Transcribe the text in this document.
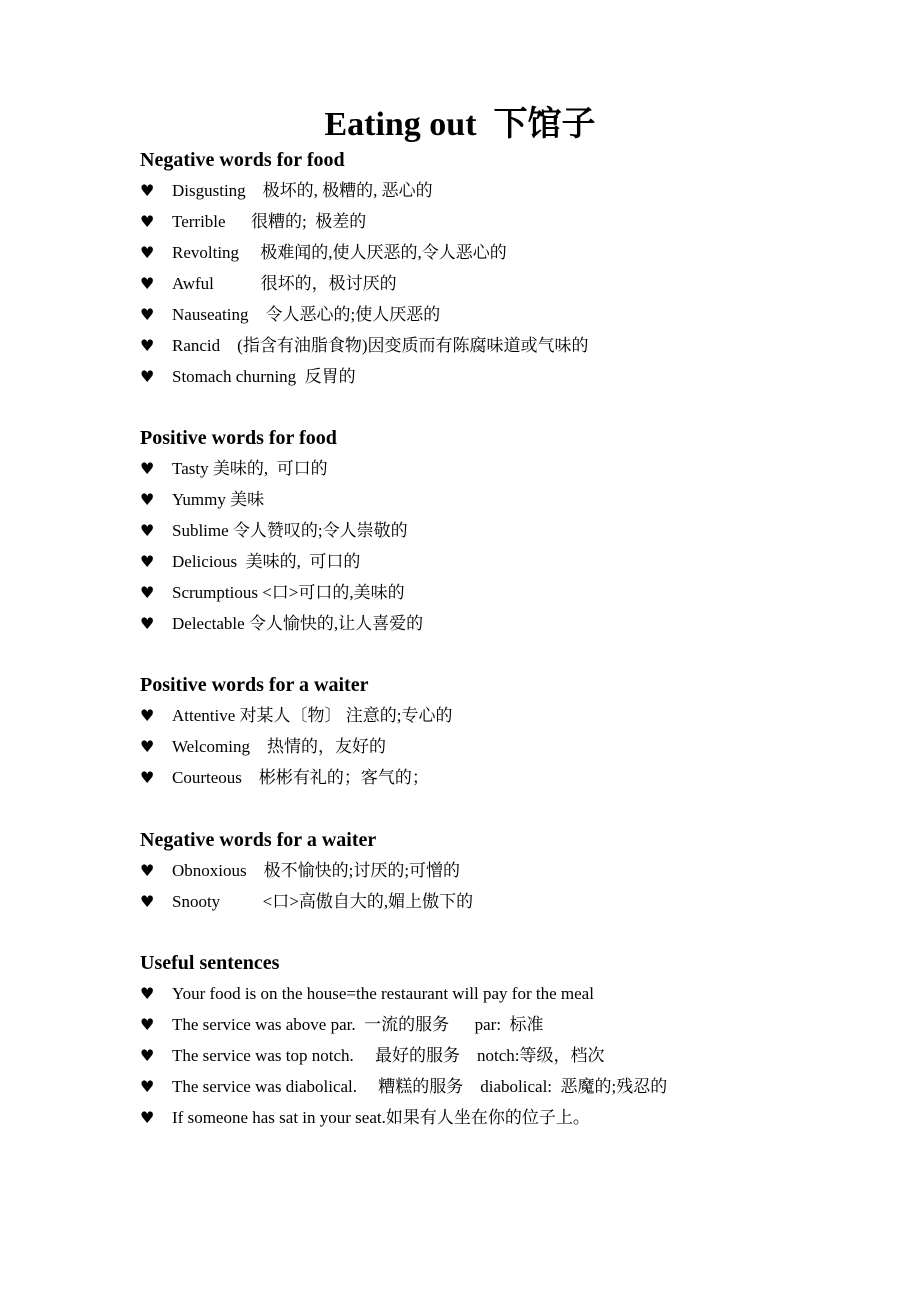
Eating out  下馆子
Negative words for food
♥ Disgusting    极坏的, 极糟的, 恶心的
♥ Terrible      很糟的;  极差的
♥ Revolting     极难闻的,使人厌恶的,令人恶心的
♥ Awful           很坏的，极讨厌的
♥ Nauseating    令人恶心的;使人厌恶的
♥ Rancid    (指含有油脂食物)因变质而有陈腐味道或气味的
♥ Stomach churning  反胃的
Positive words for food
♥ Tasty 美味的,  可口的
♥ Yummy 美味
♥ Sublime 令人赞叹的;令人崇敬的
♥ Delicious  美味的,  可口的
♥ Scrumptious <口>可口的,美味的
♥ Delectable 令人愉快的,让人喜爱的
Positive words for a waiter
♥ Attentive 对某人〔物〕 注意的;专心的
♥ Welcoming    热情的，友好的
♥ Courteous    彬彬有礼的；客气的；
Negative words for a waiter
♥ Obnoxious    极不愉快的;讨厌的;可憎的
♥ Snooty          <口>高傲自大的,媚上傲下的
Useful sentences
♥ Your food is on the house=the restaurant will pay for the meal
♥ The service was above par.  一流的服务      par:  标准
♥ The service was top notch.     最好的服务    notch:等级，档次
♥ The service was diabolical.     糟糕的服务    diabolical:  恶魔的;残忍的
♥ If someone has sat in your seat.如果有人坐在你的位子上。
